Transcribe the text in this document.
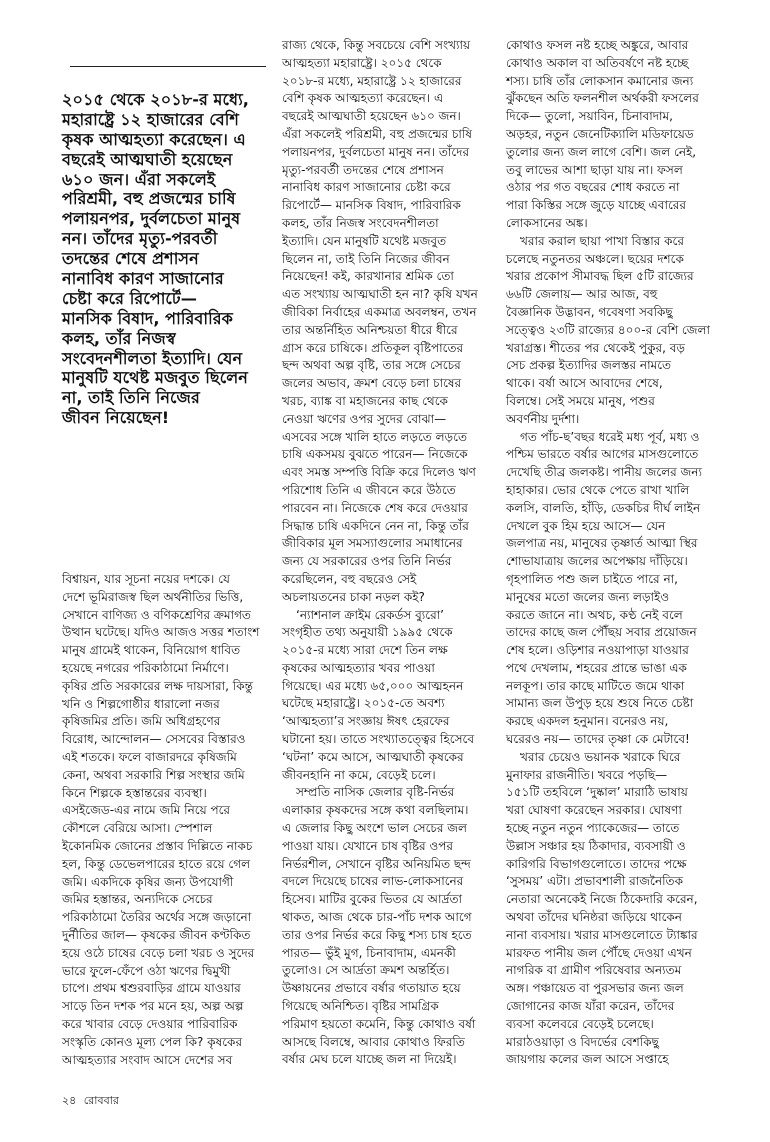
২০১৫ থেকে ২০১৮-র মধ্যে,
মহারাষ্ট্রে ১২ হাজারের বেশি
কৃষক আত্মহত্যা করেছেন। এ
বছরেই আত্মঘাতী হয়েছেন
৬১০ জন। এঁরা সকলেই
পরিশ্রমী, বহু প্রজন্মের চাষি
পলায়নপর, দুর্বলচেতা মানুষ
নন। তাঁদের মৃত্যু-পরবর্তী
তদন্তের শেষে প্রশাসন
নানাবিধ কারণ সাজানোর
চেষ্টা করে রিপোর্টে—
মানসিক বিষাদ, পারিবারিক
কলহ, তাঁর নিজস্ব
সংবেদনশীলতা ইত্যাদি। যেন
মানুষটি যথেষ্ট মজবুত ছিলেন
না, তাই তিনি নিজের
জীবন নিয়েছেন!
বিশ্বায়ন, যার সূচনা নয়ের দশকে। যে
দেশে ভূমিরাজস্ব ছিল অর্থনীতির ভিত্তি,
সেখানে বাণিজ্য ও বণিকশ্রেণির ক্রমাগত
উত্থান ঘটেছে। যদিও আজও সত্তর শতাংশ
মানুষ গ্রামেই থাকেন, বিনিয়োগ ধাবিত
হয়েছে নগরের পরিকাঠামো নির্মাণে।
কৃষির প্রতি সরকারের লক্ষ দায়সারা, কিন্তু
খনি ও শিল্পগোষ্ঠীর ধারালো নজর
কৃষিজমির প্রতি। জমি অধিগ্রহণের
বিরোধ, আন্দোলন— সেসবের বিস্তারও
এই শতকে। ফলে বাজারদরে কৃষিজমি
কেনা, অথবা সরকারি শিল্প সংস্থার জমি
কিনে শিল্পকে হস্তান্তরের ব্যবস্থা।
এসইজেড-এর নামে জমি নিয়ে পরে
কৌশলে বেরিয়ে আসা। স্পেশাল
ইকোনমিক জোনের প্রস্তাব দিল্লিতে নাকচ
হল, কিন্তু ডেভেলপারের হাতে রয়ে গেল
জমি। একদিকে কৃষির জন্য উপযোগী
জমির হস্তান্তর, অন্যদিকে সেচের
পরিকাঠামো তৈরির অর্থের সঙ্গে জড়ানো
দুর্নীতির জাল— কৃষকের জীবন কণ্টকিত
হয়ে ওঠে চাষের বেড়ে চলা খরচ ও সুদের
ভারে ফুলে-ফেঁপে ওঠা ঋণের দ্বিমুখী
চাপে। প্রথম শ্বশুরবাড়ির গ্রামে যাওয়ার
সাড়ে তিন দশক পর মনে হয়, অল্প অল্প
করে খাবার বেড়ে দেওয়ার পারিবারিক
সংস্কৃতি কোনও মূল্য পেল কি? কৃষকের
আত্মহত্যার সংবাদ আসে দেশের সব
রাজ্য থেকে, কিন্তু সবচেয়ে বেশি সংখ্যায়
আত্মহত্যা মহারাষ্ট্রে। ২০১৫ থেকে
২০১৮-র মধ্যে, মহারাষ্ট্রে ১২ হাজারের
বেশি কৃষক আত্মহত্যা করেছেন। এ
বছরেই আত্মঘাতী হয়েছেন ৬১০ জন।
এঁরা সকলেই পরিশ্রমী, বহু প্রজন্মের চাষি
পলায়নপর, দুর্বলচেতা মানুষ নন। তাঁদের
মৃত্যু-পরবর্তী তদন্তের শেষে প্রশাসন
নানাবিধ কারণ সাজানোর চেষ্টা করে
রিপোর্টে— মানসিক বিষাদ, পারিবারিক
কলহ, তাঁর নিজস্ব সংবেদনশীলতা
ইত্যাদি। যেন মানুষটি যথেষ্ট মজবুত
ছিলেন না, তাই তিনি নিজের জীবন
নিয়েছেন! কই, কারখানার শ্রমিক তো
এত সংখ্যায় আত্মঘাতী হন না? কৃষি যখন
জীবিকা নির্বাহের একমাত্র অবলম্বন, তখন
তার অন্তর্নিহিত অনিশ্চয়তা ধীরে ধীরে
গ্রাস করে চাষিকে। প্রতিকূল বৃষ্টিপাতের
ছন্দ অথবা অল্প বৃষ্টি, তার সঙ্গে সেচের
জলের অভাব, ক্রমশ বেড়ে চলা চাষের
খরচ, ব্যাঙ্ক বা মহাজনের কাছ থেকে
নেওয়া ঋণের ওপর সুদের বোঝা—
এসবের সঙ্গে খালি হাতে লড়তে লড়তে
চাষি একসময় বুঝতে পারেন— নিজেকে
এবং সমস্ত সম্পত্তি বিক্রি করে দিলেও ঋণ
পরিশোধ তিনি এ জীবনে করে উঠতে
পারবেন না। নিজেকে শেষ করে দেওয়ার
সিদ্ধান্ত চাষি একদিনে নেন না, কিন্তু তাঁর
জীবিকার মূল সমস্যাগুলোর সমাধানের
জন্য যে সরকারের ওপর তিনি নির্ভর
করেছিলেন, বহু বছরেও সেই
অচলায়তনের চাকা নড়ল কই?
‘ন্যাশনাল ক্রাইম রেকর্ডস ব্যুরো’
সংগৃহীত তথ্য অনুযায়ী ১৯৯৫ থেকে
২০১৫-র মধ্যে সারা দেশে তিন লক্ষ
কৃষকের আত্মহত্যার খবর পাওয়া
গিয়েছে। এর মধ্যে ৬৫,০০০ আত্মহনন
ঘটেছে মহারাষ্ট্রে। ২০১৫-তে অবশ্য
‘আত্মহত্যা’র সংজ্ঞায় ঈষৎ হেরফের
ঘটানো হয়। তাতে সংখ্যাতত্ত্বের হিসেবে
‘ঘটনা’ কমে আসে, আত্মঘাতী কৃষকের
জীবনহানি না কমে, বেড়েই চলে।
সম্প্রতি নাসিক জেলার বৃষ্টি-নির্ভর
এলাকার কৃষকদের সঙ্গে কথা বলছিলাম।
এ জেলার কিছু অংশে ভাল সেচের জল
পাওয়া যায়। যেখানে চাষ বৃষ্টির ওপর
নির্ভরশীল, সেখানে বৃষ্টির অনিয়মিত ছন্দ
বদলে দিয়েছে চাষের লাভ-লোকসানের
হিসেব। মাটির বুকের ভিতর যে আর্দ্রতা
থাকত, আজ থেকে চার-পাঁচ দশক আগে
তার ওপর নির্ভর করে কিছু শস্য চাষ হতে
পারত— ভুঁই মুগ, চিনাবাদাম, এমনকী
তুলোও। সে আর্দ্রতা ক্রমশ অন্তর্হিত।
উষ্ণায়নের প্রভাবে বর্ষার গতায়াত হয়ে
গিয়েছে অনিশ্চিত। বৃষ্টির সামগ্রিক
পরিমাণ হয়তো কমেনি, কিন্তু কোথাও বর্ষা
আসছে বিলম্বে, আবার কোথাও ফিরতি
বর্ষার মেঘ চলে যাচ্ছে জল না দিয়েই।
কোথাও ফসল নষ্ট হচ্ছে অঙ্কুরে, আবার
কোথাও অকাল বা অতিবর্ষণে নষ্ট হচ্ছে
শস্য। চাষি তাঁর লোকসান কমানোর জন্য
ঝুঁকছেন অতি ফলনশীল অর্থকরী ফসলের
দিকে— তুলো, সয়াবিন, চিনাবাদাম,
অড়হর, নতুন জেনেটিক্যালি মডিফায়েড
তুলোর জন্য জল লাগে বেশি। জল নেই,
তবু লাভের আশা ছাড়া যায় না। ফসল
ওঠার পর গত বছরের শোধ করতে না
পারা কিস্তির সঙ্গে জুড়ে যাচ্ছে এবারের
লোকসানের অঙ্ক।
খরার করাল ছায়া পাখা বিস্তার করে
চলেছে নতুনতর অঞ্চলে। ছয়ের দশকে
খরার প্রকোপ সীমাবদ্ধ ছিল ৫টি রাজ্যের
৬৬টি জেলায়— আর আজ, বহু
বৈজ্ঞানিক উদ্ভাবন, গবেষণা সবকিছু
সত্ত্বেও ২৩টি রাজ্যের ৪০০-র বেশি জেলা
খরাগ্রস্ত। শীতের পর থেকেই পুকুর, বড়
সেচ প্রকল্প ইত্যাদির জলস্তর নামতে
থাকে। বর্ষা আসে আবাদের শেষে,
বিলম্বে। সেই সময়ে মানুষ, পশুর
অবর্ণনীয় দুর্দশা।
গত পাঁচ-ছ’বছর ধরেই মধ্য পূর্ব, মধ্য ও
পশ্চিম ভারতে বর্ষার আগের মাসগুলোতে
দেখেছি তীব্র জলকষ্ট। পানীয় জলের জন্য
হাহাকার। ভোর থেকে পেতে রাখা খালি
কলসি, বালতি, হাঁড়ি, ডেকচির দীর্ঘ লাইন
দেখলে বুক হিম হয়ে আসে— যেন
জলপাত্র নয়, মানুষের তৃষ্ণার্ত আত্মা স্থির
শোভাযাত্রায় জলের অপেক্ষায় দাঁড়িয়ে।
গৃহপালিত পশু জল চাইতে পারে না,
মানুষের মতো জলের জন্য লড়াইও
করতে জানে না। অথচ, কণ্ঠ নেই বলে
তাদের কাছে জল পৌঁছয় সবার প্রয়োজন
শেষ হলে। ওড়িশার নওয়াপাড়া যাওয়ার
পথে দেখলাম, শহরের প্রান্তে ভাঙা এক
নলকূপ। তার কাছে মাটিতে জমে থাকা
সামান্য জল উপুড় হয়ে শুষে নিতে চেষ্টা
করছে একদল হনুমান। বনেরও নয়,
ঘরেরও নয়— তাদের তৃষ্ণা কে মেটাবে!
খরার চেয়েও ভয়ানক খরাকে ঘিরে
মুনাফার রাজনীতি। খবরে পড়ছি—
১৫১টি তহবিলে ‘দুষ্কাল’ মারাঠি ভাষায়
খরা ঘোষণা করেছেন সরকার। ঘোষণা
হচ্ছে নতুন নতুন প্যাকেজের— তাতে
উল্লাস সঞ্চার হয় ঠিকাদার, ব্যবসায়ী ও
কারিগরি বিভাগগুলোতে। তাদের পক্ষে
‘সুসময়’ এটা। প্রভাবশালী রাজনৈতিক
নেতারা অনেকেই নিজে ঠিকেদারি করেন,
অথবা তাঁদের ঘনিষ্ঠরা জড়িয়ে থাকেন
নানা ব্যবসায়। খরার মাসগুলোতে ট্যাঙ্কার
মারফত পানীয় জল পৌঁছে দেওয়া এখন
নাগরিক বা গ্রামীণ পরিষেবার অন্যতম
অঙ্গ। পঞ্চায়েত বা পুরসভার জন্য জল
জোগানের কাজ যাঁরা করেন, তাঁদের
ব্যবসা কলেবরে বেড়েই চলেছে।
মারাঠওয়াড়া ও বিদর্ভের বেশকিছু
জায়গায় কলের জল আসে সপ্তাহে
২৪ রোববার
